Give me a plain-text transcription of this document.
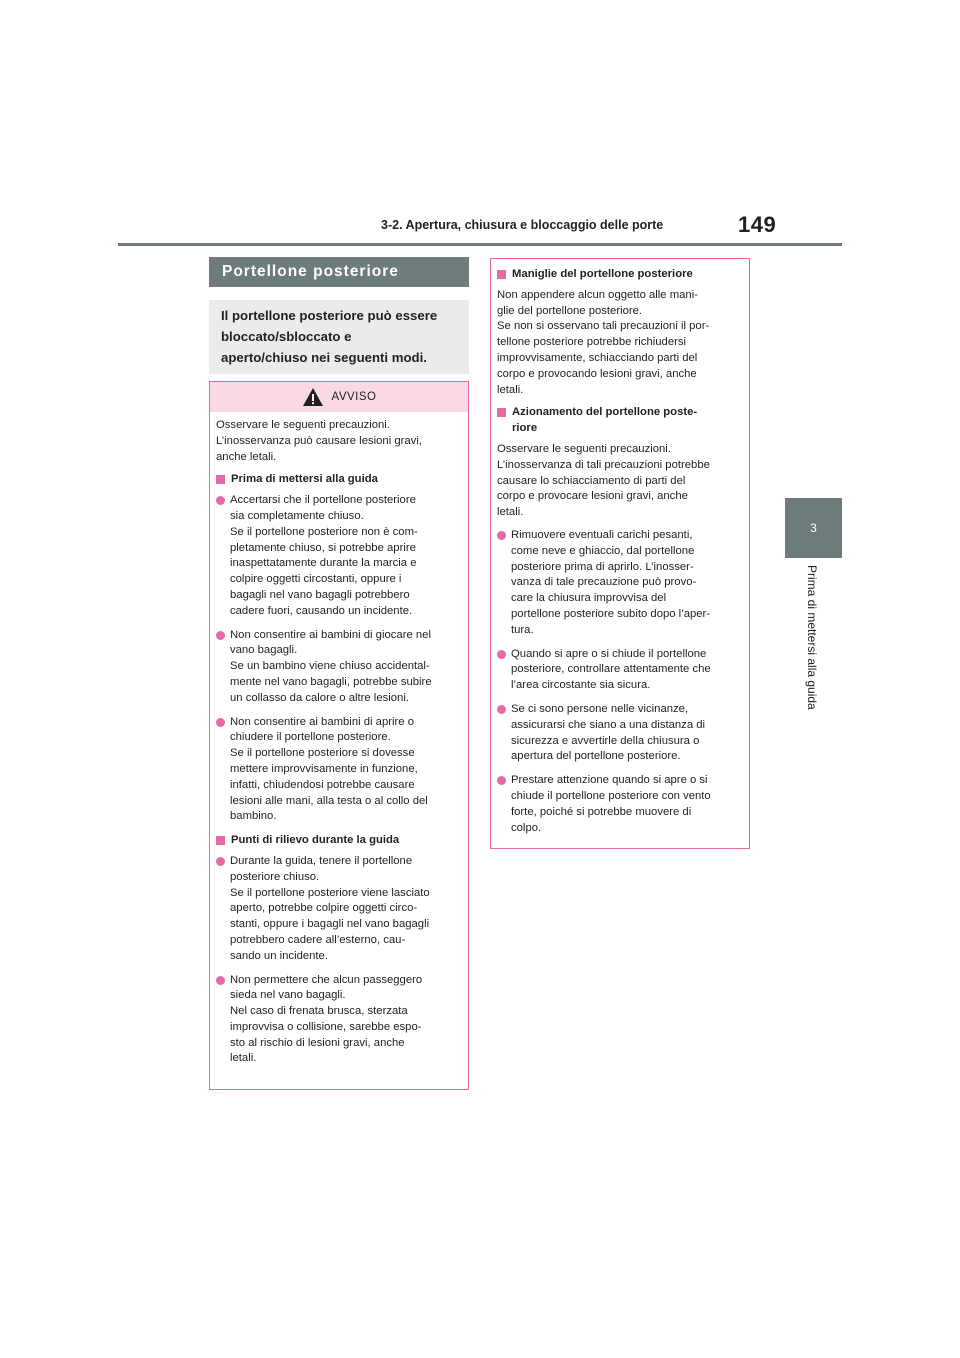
3-2. Apertura, chiusura e bloccaggio delle porte	149
3
Prima di mettersi alla guida
Portellone posteriore
Il portellone posteriore può essere
bloccato/sbloccato e
aperto/chiuso nei seguenti modi.
AVVISO

Osservare le seguenti precauzioni.
L’inosservanza può causare lesioni gravi,
anche letali.

Prima di mettersi alla guida
Accertarsi che il portellone posteriore
sia completamente chiuso.
Se il portellone posteriore non è com-
pletamente chiuso, si potrebbe aprire
inaspettatamente durante la marcia e
colpire oggetti circostanti, oppure i
bagagli nel vano bagagli potrebbero
cadere fuori, causando un incidente.
Non consentire ai bambini di giocare nel
vano bagagli.
Se un bambino viene chiuso accidental-
mente nel vano bagagli, potrebbe subire
un collasso da calore o altre lesioni.
Non consentire ai bambini di aprire o
chiudere il portellone posteriore.
Se il portellone posteriore si dovesse
mettere improvvisamente in funzione,
infatti, chiudendosi potrebbe causare
lesioni alle mani, alla testa o al collo del
bambino.
Punti di rilievo durante la guida
Durante la guida, tenere il portellone
posteriore chiuso.
Se il portellone posteriore viene lasciato
aperto, potrebbe colpire oggetti circo-
stanti, oppure i bagagli nel vano bagagli
potrebbero cadere all’esterno, cau-
sando un incidente.
Non permettere che alcun passeggero
sieda nel vano bagagli.
Nel caso di frenata brusca, sterzata
improvvisa o collisione, sarebbe espo-
sto al rischio di lesioni gravi, anche
letali.
Maniglie del portellone posteriore

Non appendere alcun oggetto alle mani-
glie del portellone posteriore.
Se non si osservano tali precauzioni il por-
tellone posteriore potrebbe richiudersi
improvvisamente, schiacciando parti del
corpo e provocando lesioni gravi, anche
letali.

Azionamento del portellone poste-
riore

Osservare le seguenti precauzioni.
L’inosservanza di tali precauzioni potrebbe
causare lo schiacciamento di parti del
corpo e provocare lesioni gravi, anche
letali.

Rimuovere eventuali carichi pesanti,
come neve e ghiaccio, dal portellone
posteriore prima di aprirlo. L’inosser-
vanza di tale precauzione può provo-
care la chiusura improvvisa del
portellone posteriore subito dopo l’aper-
tura.
Quando si apre o si chiude il portellone
posteriore, controllare attentamente che
l’area circostante sia sicura.
Se ci sono persone nelle vicinanze,
assicurarsi che siano a una distanza di
sicurezza e avvertirle della chiusura o
apertura del portellone posteriore.
Prestare attenzione quando si apre o si
chiude il portellone posteriore con vento
forte, poiché si potrebbe muovere di
colpo.
